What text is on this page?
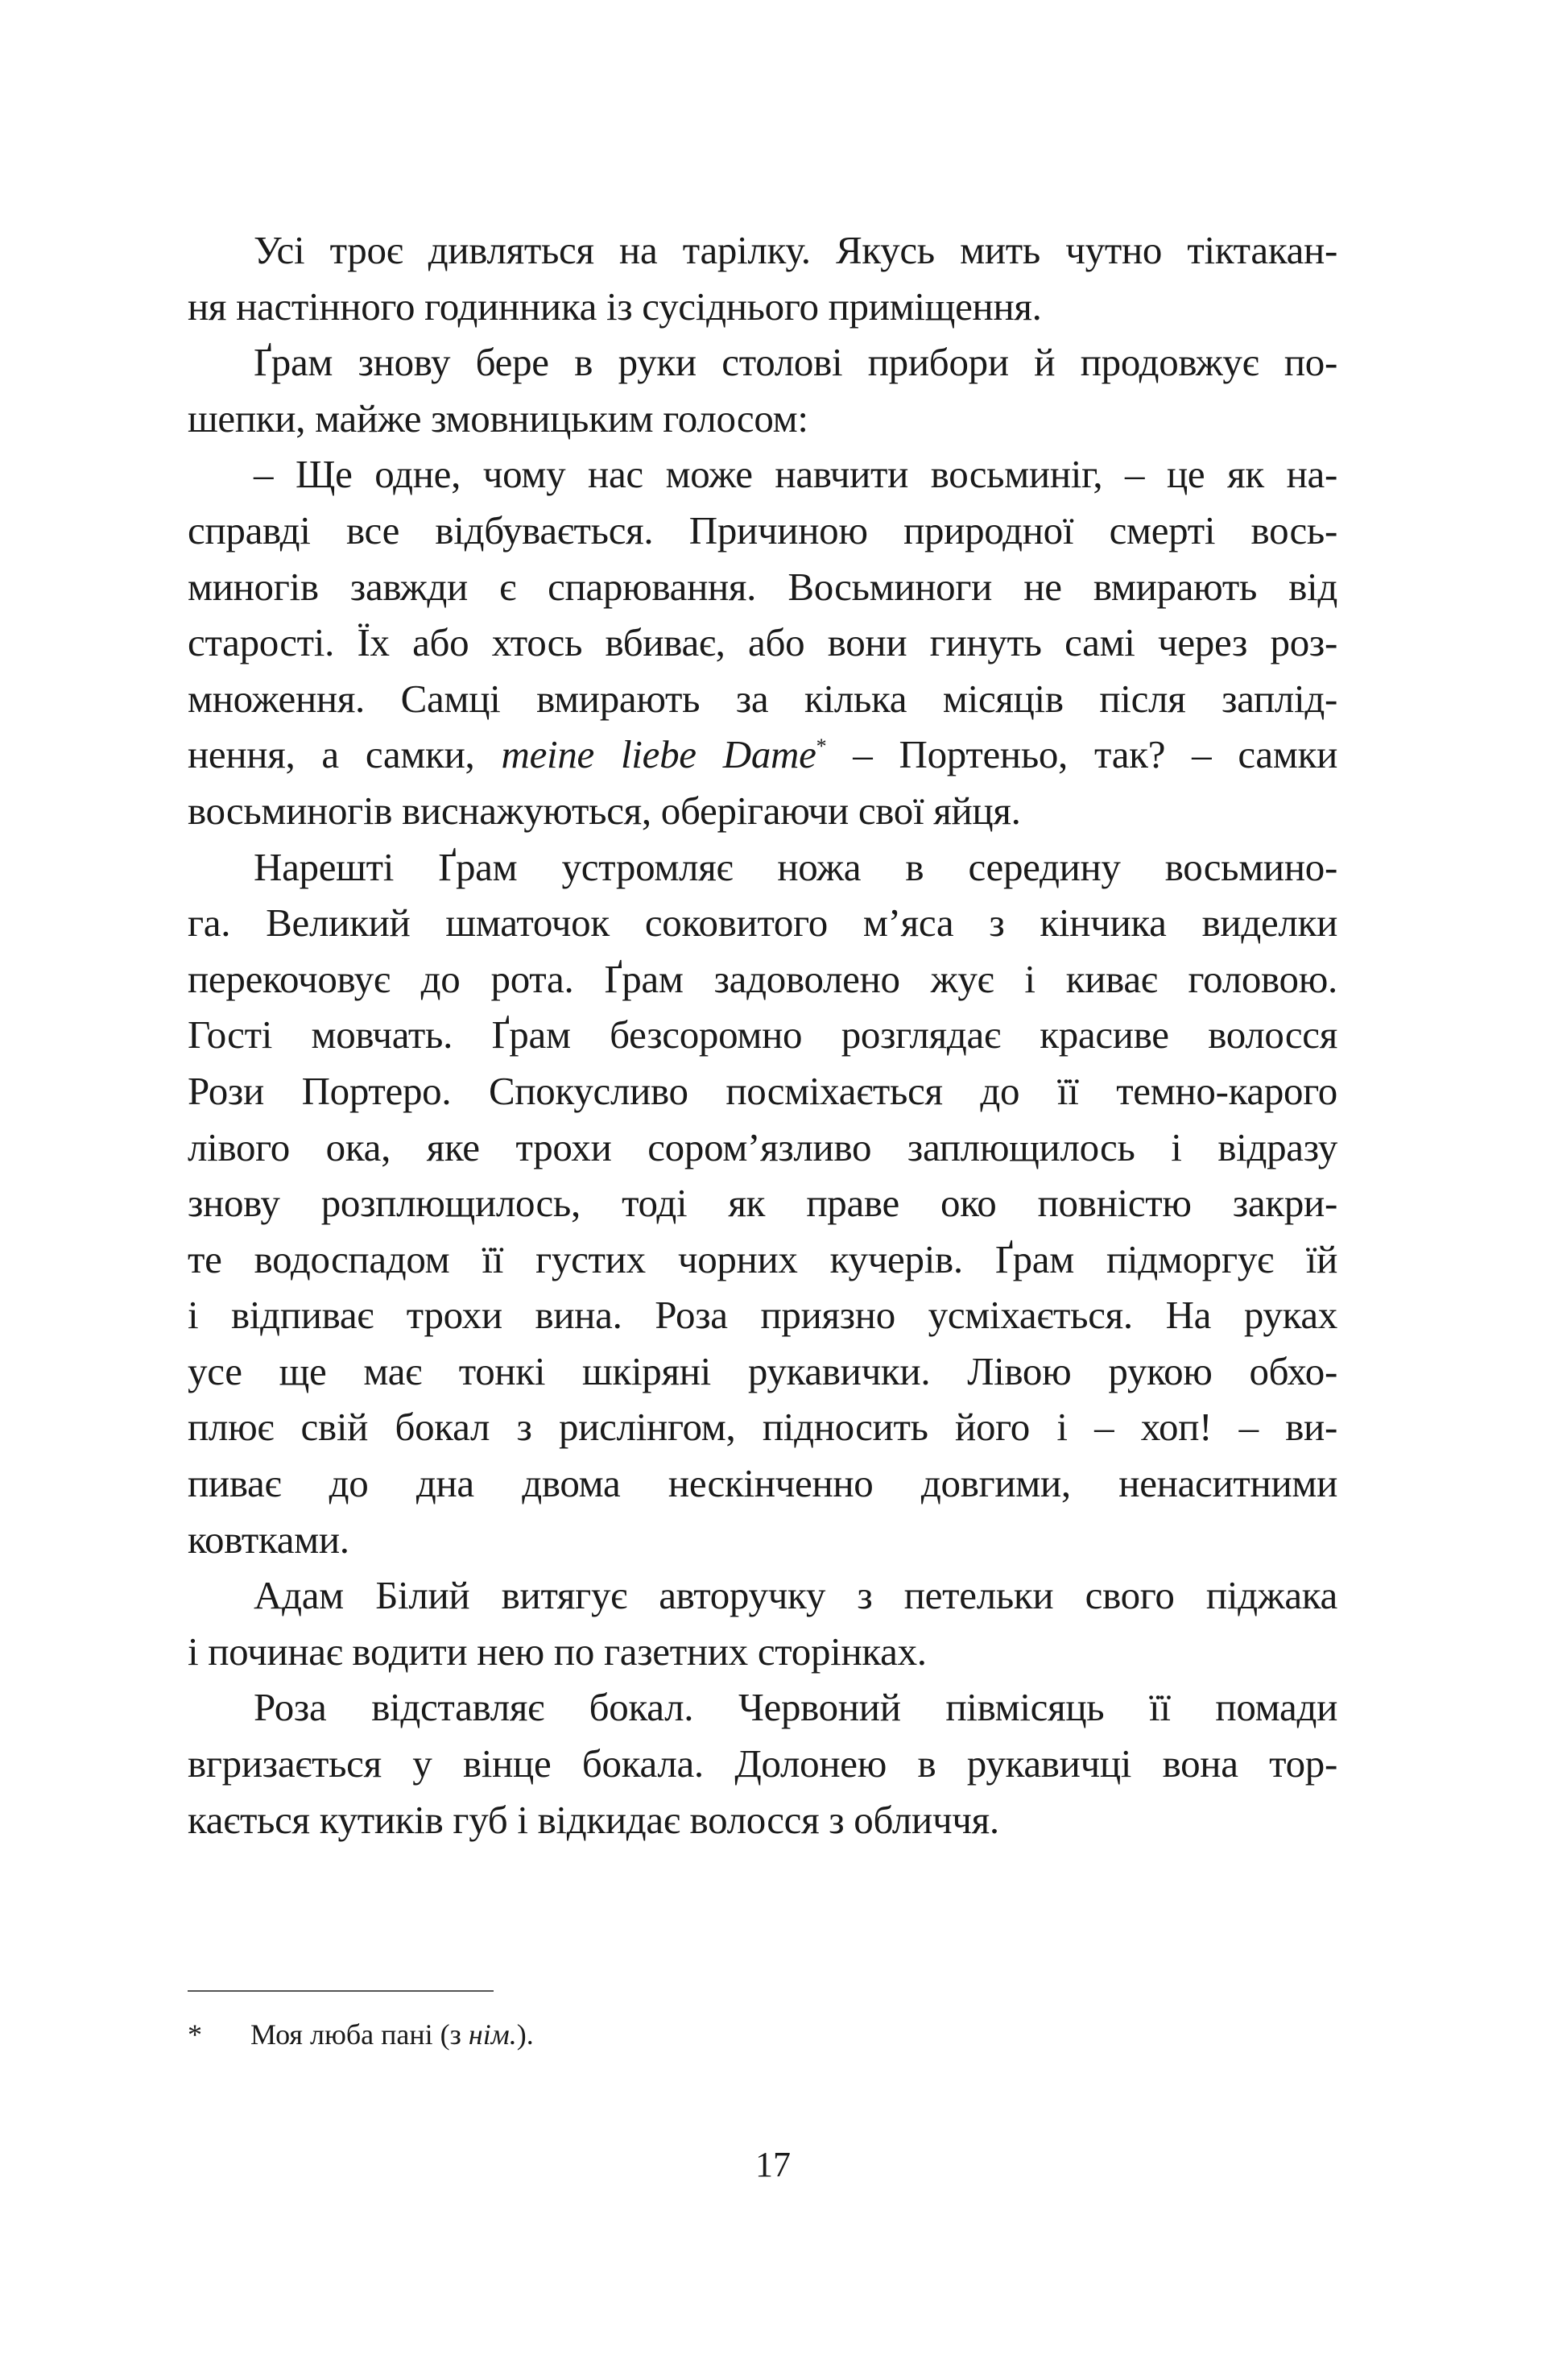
Усі троє дивляться на тарілку. Якусь мить чутно тіктакан-
ня настінного годинника із сусіднього приміщення.
Ґрам знову бере в руки столові прибори й продовжує по-
шепки, майже змовницьким голосом:
– Ще одне, чому нас може навчити восьминіг, – це як на-
справді все відбувається. Причиною природної смерті вось-
миногів завжди є спарювання. Восьминоги не вмирають від
старості. Їх або хтось вбиває, або вони гинуть самі через роз-
множення. Самці вмирають за кілька місяців після заплід-
нення, а самки, meine liebe Dame* – Портеньо, так? – самки
восьминогів виснажуються, оберігаючи свої яйця.
Нарешті Ґрам устромляє ножа в середину восьмино-
га. Великий шматочок соковитого м’яса з кінчика виделки
перекочовує до рота. Ґрам задоволено жує і киває головою.
Гості мовчать. Ґрам безсоромно розглядає красиве волосся
Рози Портеро. Спокусливо посміхається до її темно-карого
лівого ока, яке трохи сором’язливо заплющилось і відразу
знову розплющилось, тоді як праве око повністю закри-
те водоспадом її густих чорних кучерів. Ґрам підморгує їй
і відпиває трохи вина. Роза приязно усміхається. На руках
усе ще має тонкі шкіряні рукавички. Лівою рукою обхо-
плює свій бокал з рислінгом, підносить його і – хоп! – ви-
пиває до дна двома нескінченно довгими, ненаситними
ковтками.
Адам Білий витягує авторучку з петельки свого піджака
і починає водити нею по газетних сторінках.
Роза відставляє бокал. Червоний півмісяць її помади
вгризається у вінце бокала. Долонею в рукавичці вона тор-
кається кутиків губ і відкидає волосся з обличчя.
* Моя люба пані (з нім.).
17
